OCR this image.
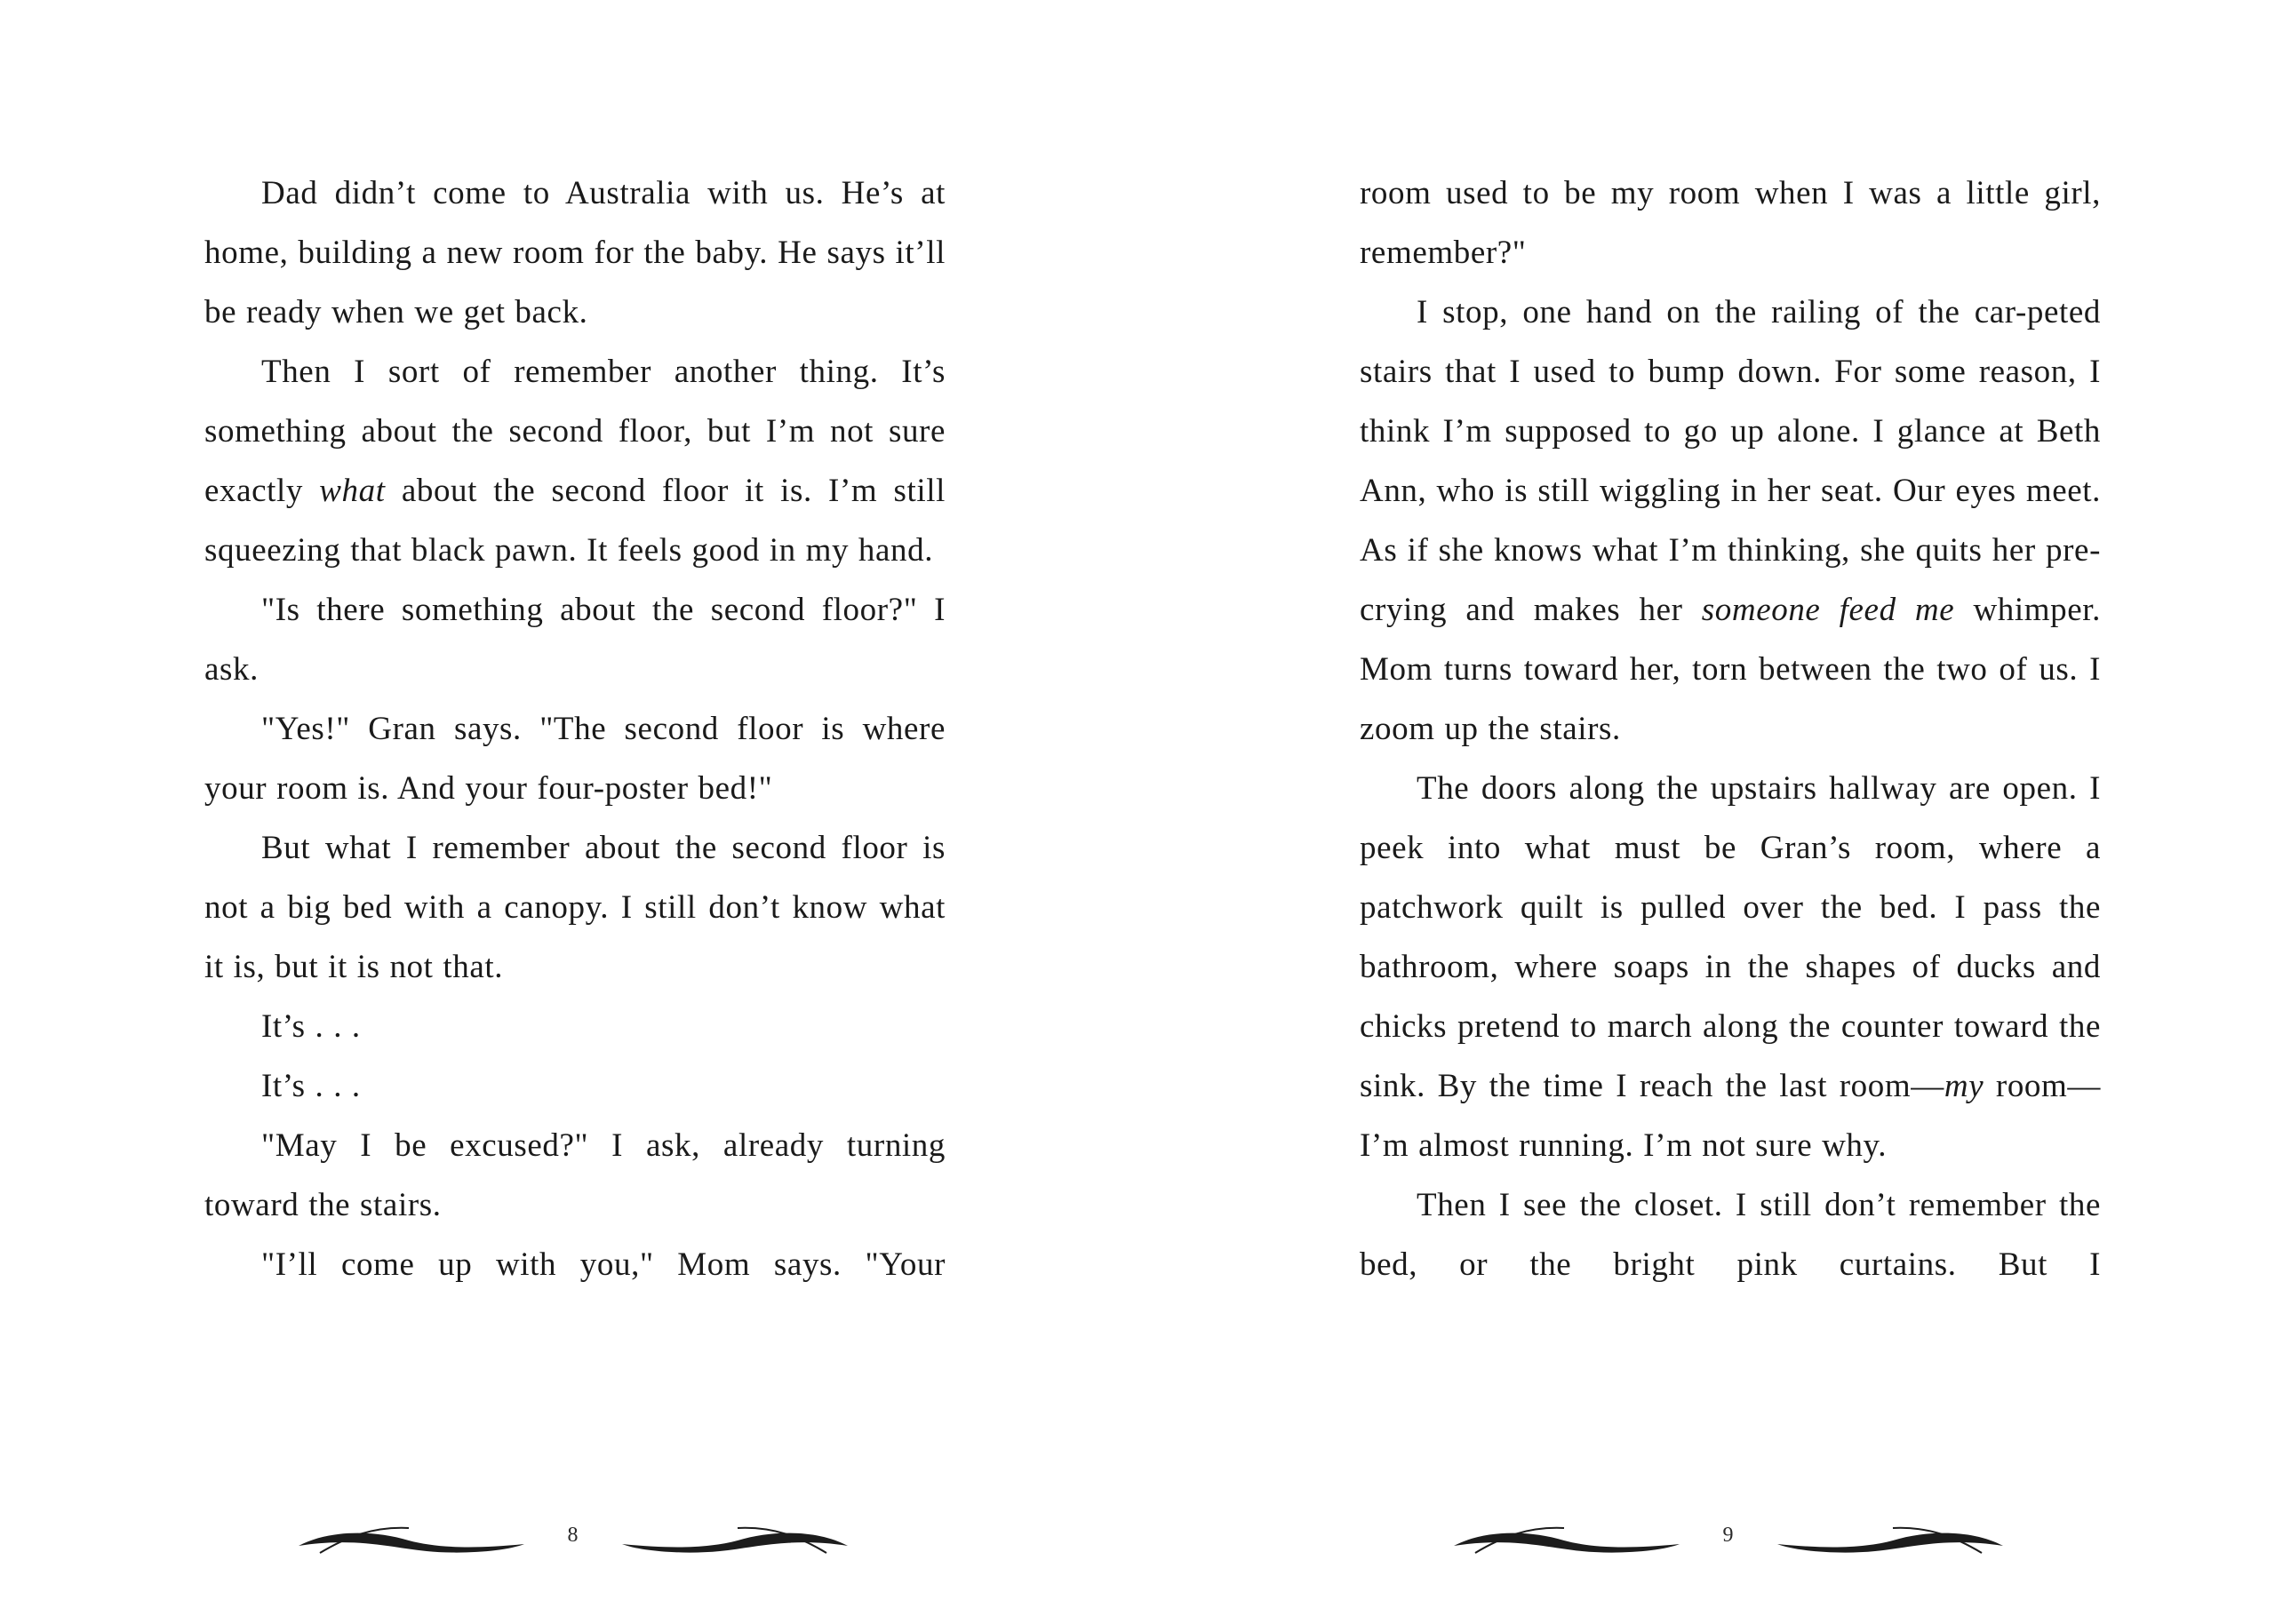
Dad didn’t come to Australia with us. He’s at home, building a new room for the baby. He says it’ll be ready when we get back.

Then I sort of remember another thing. It’s something about the second floor, but I’m not sure exactly what about the second floor it is. I’m still squeezing that black pawn. It feels good in my hand.

"Is there something about the second floor?" I ask.

"Yes!" Gran says. "The second floor is where your room is. And your four-poster bed!"

But what I remember about the second floor is not a big bed with a canopy. I still don’t know what it is, but it is not that.

It’s . . .

It’s . . .

"May I be excused?" I ask, already turning toward the stairs.

"I’ll come up with you," Mom says. "Your

8

room used to be my room when I was a little girl, remember?"

I stop, one hand on the railing of the car-peted stairs that I used to bump down. For some reason, I think I’m supposed to go up alone. I glance at Beth Ann, who is still wiggling in her seat. Our eyes meet. As if she knows what I’m thinking, she quits her pre-crying and makes her someone feed me whimper. Mom turns toward her, torn between the two of us. I zoom up the stairs.

The doors along the upstairs hallway are open. I peek into what must be Gran’s room, where a patchwork quilt is pulled over the bed. I pass the bathroom, where soaps in the shapes of ducks and chicks pretend to march along the counter toward the sink. By the time I reach the last room—my room—I’m almost running. I’m not sure why.

Then I see the closet. I still don’t remember the bed, or the bright pink curtains. But I

9
